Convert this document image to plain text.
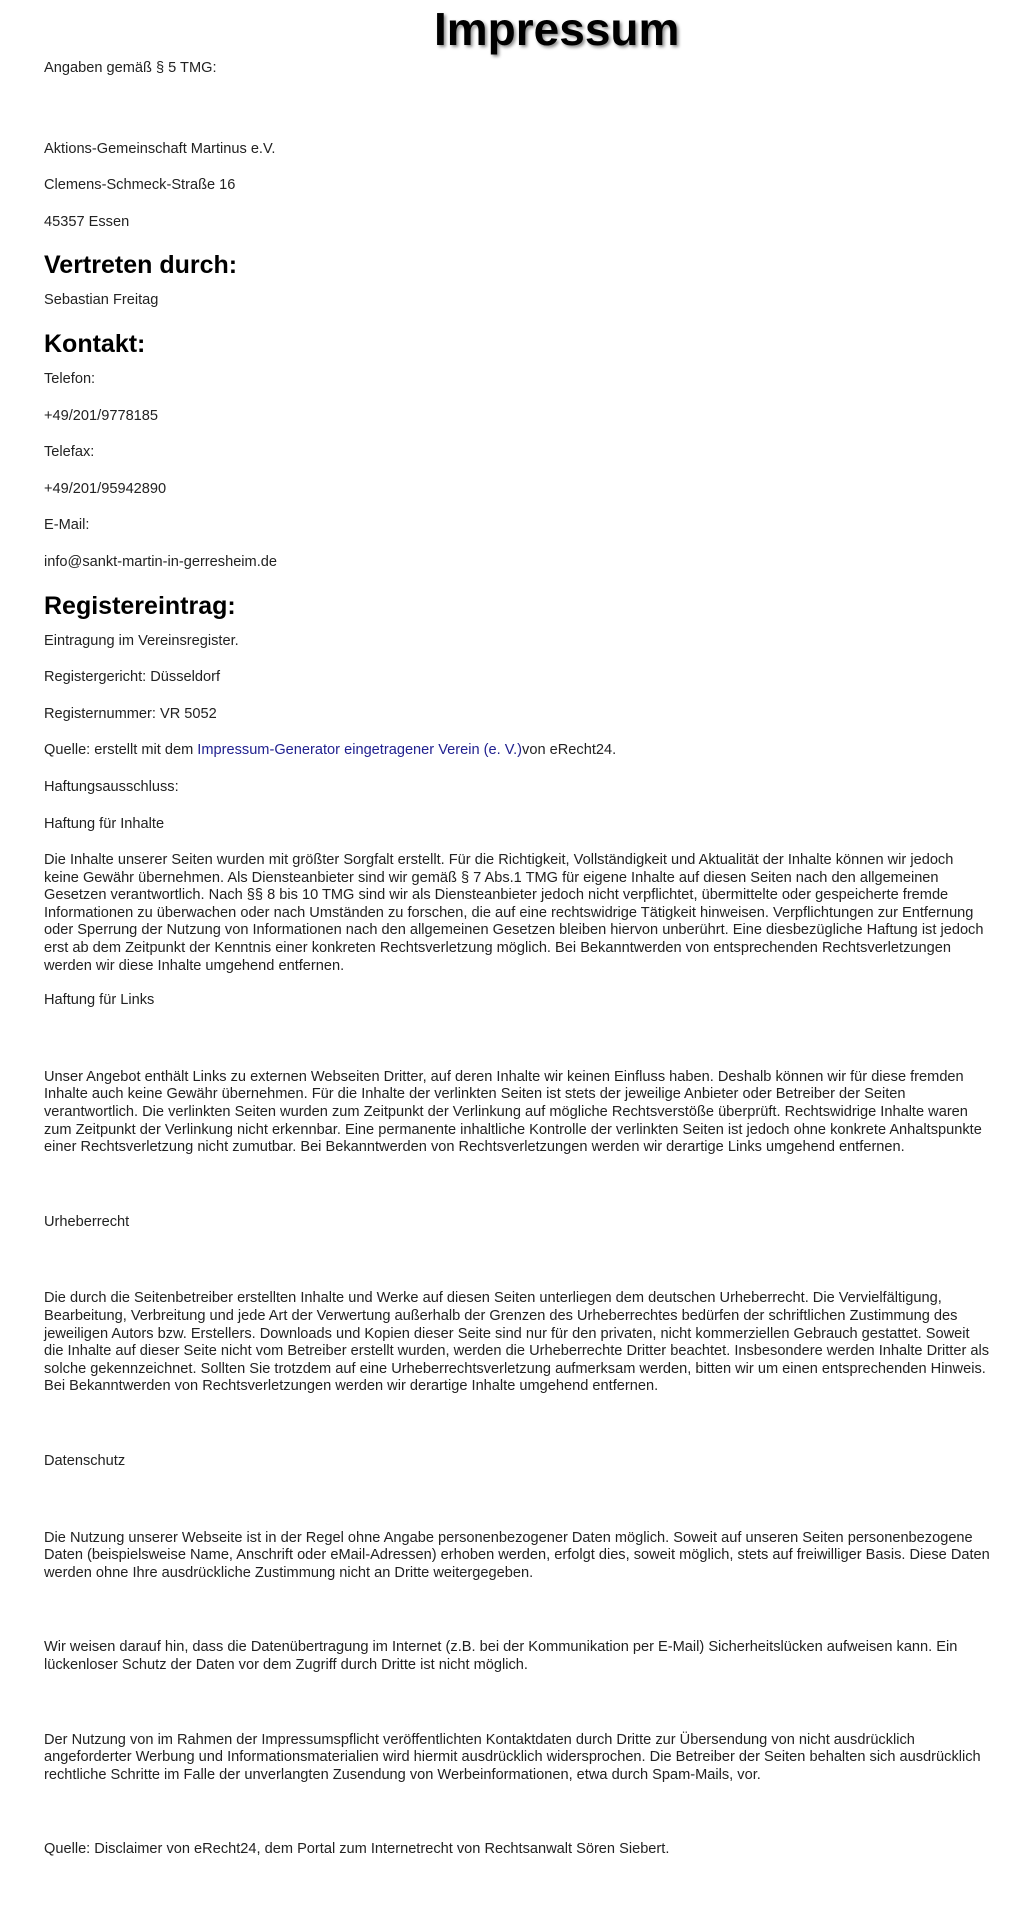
Impressum

Angaben gemäß § 5 TMG:

Aktions-Gemeinschaft Martinus e.V.

Clemens-Schmeck-Straße 16

45357 Essen

Vertreten durch:

Sebastian Freitag

Kontakt:

Telefon:

+49/201/9778185

Telefax:

+49/201/95942890

E-Mail:

info@sankt-martin-in-gerresheim.de

Registereintrag:

Eintragung im Vereinsregister.

Registergericht: Düsseldorf

Registernummer: VR 5052

Quelle: erstellt mit dem Impressum-Generator eingetragener Verein (e. V.)von eRecht24.

Haftungsausschluss:

Haftung für Inhalte

Die Inhalte unserer Seiten wurden mit größter Sorgfalt erstellt. Für die Richtigkeit, Vollständigkeit und Aktualität der Inhalte können wir jedoch keine Gewähr übernehmen. Als Diensteanbieter sind wir gemäß § 7 Abs.1 TMG für eigene Inhalte auf diesen Seiten nach den allgemeinen Gesetzen verantwortlich. Nach §§ 8 bis 10 TMG sind wir als Diensteanbieter jedoch nicht verpflichtet, übermittelte oder gespeicherte fremde Informationen zu überwachen oder nach Umständen zu forschen, die auf eine rechtswidrige Tätigkeit hinweisen. Verpflichtungen zur Entfernung oder Sperrung der Nutzung von Informationen nach den allgemeinen Gesetzen bleiben hiervon unberührt. Eine diesbezügliche Haftung ist jedoch erst ab dem Zeitpunkt der Kenntnis einer konkreten Rechtsverletzung möglich. Bei Bekanntwerden von entsprechenden Rechtsverletzungen werden wir diese Inhalte umgehend entfernen.

Haftung für Links

Unser Angebot enthält Links zu externen Webseiten Dritter, auf deren Inhalte wir keinen Einfluss haben. Deshalb können wir für diese fremden Inhalte auch keine Gewähr übernehmen. Für die Inhalte der verlinkten Seiten ist stets der jeweilige Anbieter oder Betreiber der Seiten verantwortlich. Die verlinkten Seiten wurden zum Zeitpunkt der Verlinkung auf mögliche Rechtsverstöße überprüft. Rechtswidrige Inhalte waren zum Zeitpunkt der Verlinkung nicht erkennbar. Eine permanente inhaltliche Kontrolle der verlinkten Seiten ist jedoch ohne konkrete Anhaltspunkte einer Rechtsverletzung nicht zumutbar. Bei Bekanntwerden von Rechtsverletzungen werden wir derartige Links umgehend entfernen.

Urheberrecht

Die durch die Seitenbetreiber erstellten Inhalte und Werke auf diesen Seiten unterliegen dem deutschen Urheberrecht. Die Vervielfältigung, Bearbeitung, Verbreitung und jede Art der Verwertung außerhalb der Grenzen des Urheberrechtes bedürfen der schriftlichen Zustimmung des jeweiligen Autors bzw. Erstellers. Downloads und Kopien dieser Seite sind nur für den privaten, nicht kommerziellen Gebrauch gestattet. Soweit die Inhalte auf dieser Seite nicht vom Betreiber erstellt wurden, werden die Urheberrechte Dritter beachtet. Insbesondere werden Inhalte Dritter als solche gekennzeichnet. Sollten Sie trotzdem auf eine Urheberrechtsverletzung aufmerksam werden, bitten wir um einen entsprechenden Hinweis. Bei Bekanntwerden von Rechtsverletzungen werden wir derartige Inhalte umgehend entfernen.

Datenschutz

Die Nutzung unserer Webseite ist in der Regel ohne Angabe personenbezogener Daten möglich. Soweit auf unseren Seiten personenbezogene Daten (beispielsweise Name, Anschrift oder eMail-Adressen) erhoben werden, erfolgt dies, soweit möglich, stets auf freiwilliger Basis. Diese Daten werden ohne Ihre ausdrückliche Zustimmung nicht an Dritte weitergegeben.

Wir weisen darauf hin, dass die Datenübertragung im Internet (z.B. bei der Kommunikation per E-Mail) Sicherheitslücken aufweisen kann. Ein lückenloser Schutz der Daten vor dem Zugriff durch Dritte ist nicht möglich.

Der Nutzung von im Rahmen der Impressumspflicht veröffentlichten Kontaktdaten durch Dritte zur Übersendung von nicht ausdrücklich angeforderter Werbung und Informationsmaterialien wird hiermit ausdrücklich widersprochen. Die Betreiber der Seiten behalten sich ausdrücklich rechtliche Schritte im Falle der unverlangten Zusendung von Werbeinformationen, etwa durch Spam-Mails, vor.

Quelle: Disclaimer von eRecht24, dem Portal zum Internetrecht von Rechtsanwalt Sören Siebert.
